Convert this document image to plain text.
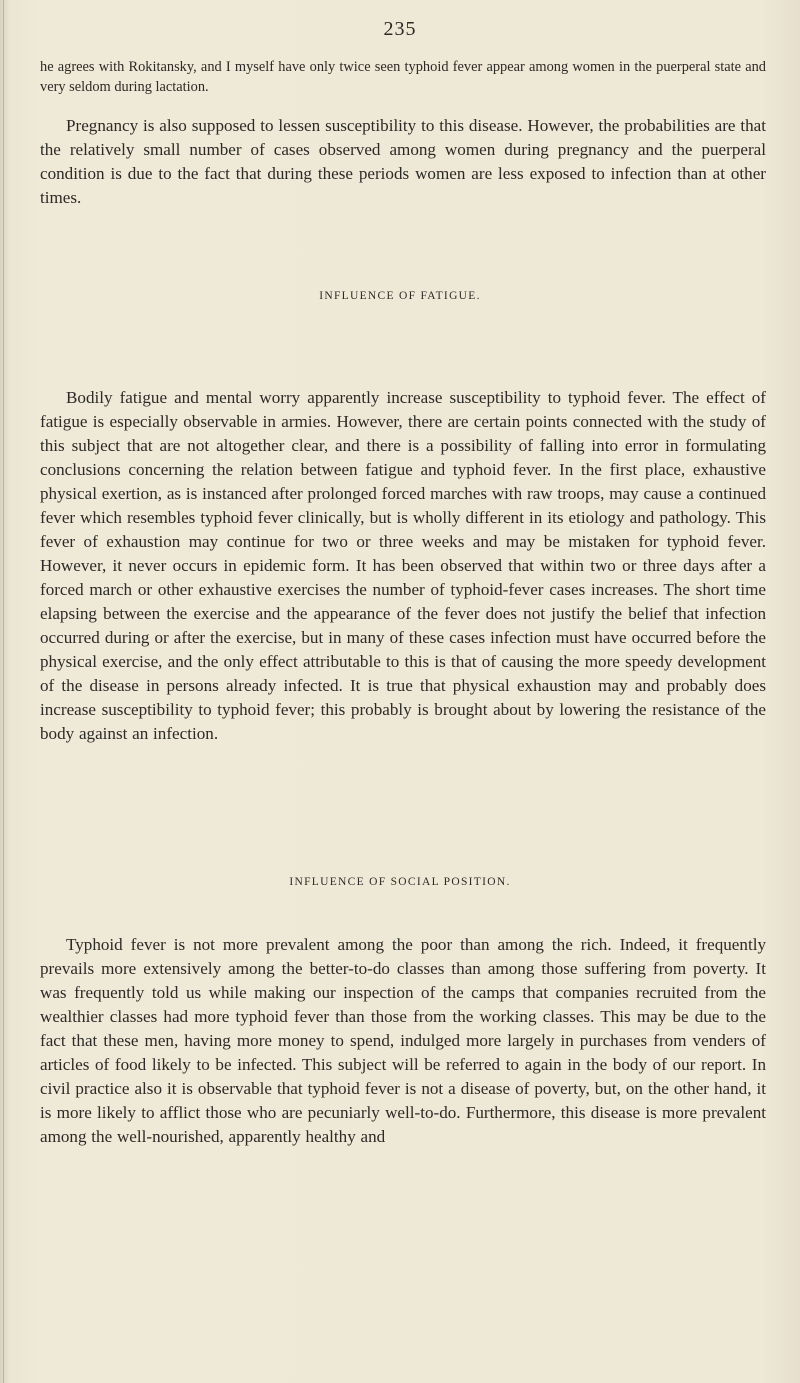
235

he agrees with Rokitansky, and I myself have only twice seen typhoid fever appear among women in the puerperal state and very seldom during lactation.

Pregnancy is also supposed to lessen susceptibility to this disease. However, the probabilities are that the relatively small number of cases observed among women during pregnancy and the puerperal condition is due to the fact that during these periods women are less exposed to infection than at other times.

INFLUENCE OF FATIGUE.

Bodily fatigue and mental worry apparently increase susceptibility to typhoid fever. The effect of fatigue is especially observable in armies. However, there are certain points connected with the study of this subject that are not altogether clear, and there is a possibility of falling into error in formulating conclusions concerning the relation between fatigue and typhoid fever. In the first place, exhaustive physical exertion, as is instanced after prolonged forced marches with raw troops, may cause a continued fever which resembles typhoid fever clinically, but is wholly different in its etiology and pathology. This fever of exhaustion may continue for two or three weeks and may be mistaken for typhoid fever. However, it never occurs in epidemic form. It has been observed that within two or three days after a forced march or other exhaustive exercises the number of typhoid-fever cases increases. The short time elapsing between the exercise and the appearance of the fever does not justify the belief that infection occurred during or after the exercise, but in many of these cases infection must have occurred before the physical exercise, and the only effect attributable to this is that of causing the more speedy development of the disease in persons already infected. It is true that physical exhaustion may and probably does increase susceptibility to typhoid fever; this probably is brought about by lowering the resistance of the body against an infection.

INFLUENCE OF SOCIAL POSITION.

Typhoid fever is not more prevalent among the poor than among the rich. Indeed, it frequently prevails more extensively among the better-to-do classes than among those suffering from poverty. It was frequently told us while making our inspection of the camps that companies recruited from the wealthier classes had more typhoid fever than those from the working classes. This may be due to the fact that these men, having more money to spend, indulged more largely in purchases from venders of articles of food likely to be infected. This subject will be referred to again in the body of our report. In civil practice also it is observable that typhoid fever is not a disease of poverty, but, on the other hand, it is more likely to afflict those who are pecuniarly well-to-do. Furthermore, this disease is more prevalent among the well-nourished, apparently healthy and
